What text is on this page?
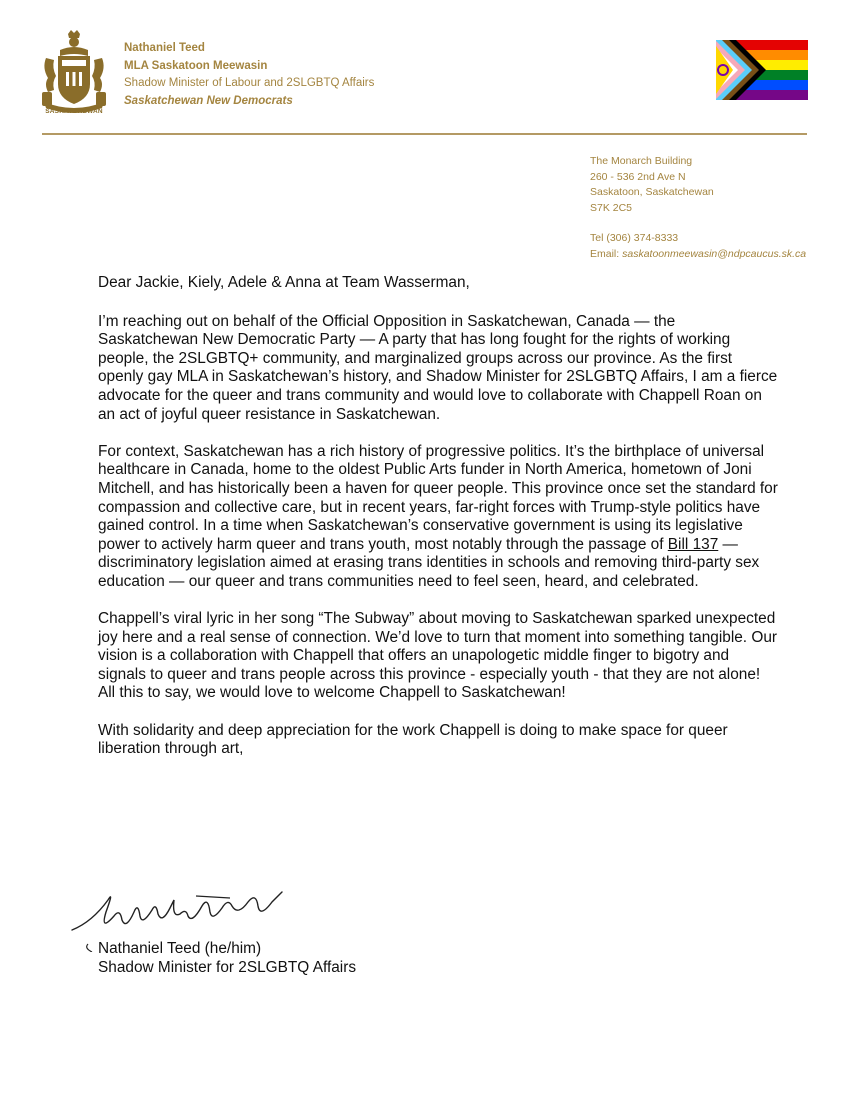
SASKATCHEWAN
Nathaniel Teed
MLA Saskatoon Meewasin
Shadow Minister of Labour and 2SLGBTQ Affairs
Saskatchewan New Democrats
The Monarch Building
260 - 536 2nd Ave N
Saskatoon, Saskatchewan
S7K 2C5
Tel (306) 374-8333
Email: saskatoonmeewasin@ndpcaucus.sk.ca

Dear Jackie, Kiely, Adele & Anna at Team Wasserman,

I’m reaching out on behalf of the Official Opposition in Saskatchewan, Canada — the Saskatchewan New Democratic Party — A party that has long fought for the rights of working people, the 2SLGBTQ+ community, and marginalized groups across our province. As the first openly gay MLA in Saskatchewan’s history, and Shadow Minister for 2SLGBTQ Affairs, I am a fierce advocate for the queer and trans community and would love to collaborate with Chappell Roan on an act of joyful queer resistance in Saskatchewan.

For context, Saskatchewan has a rich history of progressive politics. It’s the birthplace of universal healthcare in Canada, home to the oldest Public Arts funder in North America, hometown of Joni Mitchell, and has historically been a haven for queer people. This province once set the standard for compassion and collective care, but in recent years, far-right forces with Trump-style politics have gained control. In a time when Saskatchewan’s conservative government is using its legislative power to actively harm queer and trans youth, most notably through the passage of Bill 137 — discriminatory legislation aimed at erasing trans identities in schools and removing third-party sex education — our queer and trans communities need to feel seen, heard, and celebrated.

Chappell’s viral lyric in her song “The Subway” about moving to Saskatchewan sparked unexpected joy here and a real sense of connection. We’d love to turn that moment into something tangible. Our vision is a collaboration with Chappell that offers an unapologetic middle finger to bigotry and signals to queer and trans people across this province - especially youth - that they are not alone! All this to say, we would love to welcome Chappell to Saskatchewan!

With solidarity and deep appreciation for the work Chappell is doing to make space for queer liberation through art,

Nathaniel Teed (he/him)
Shadow Minister for 2SLGBTQ Affairs
